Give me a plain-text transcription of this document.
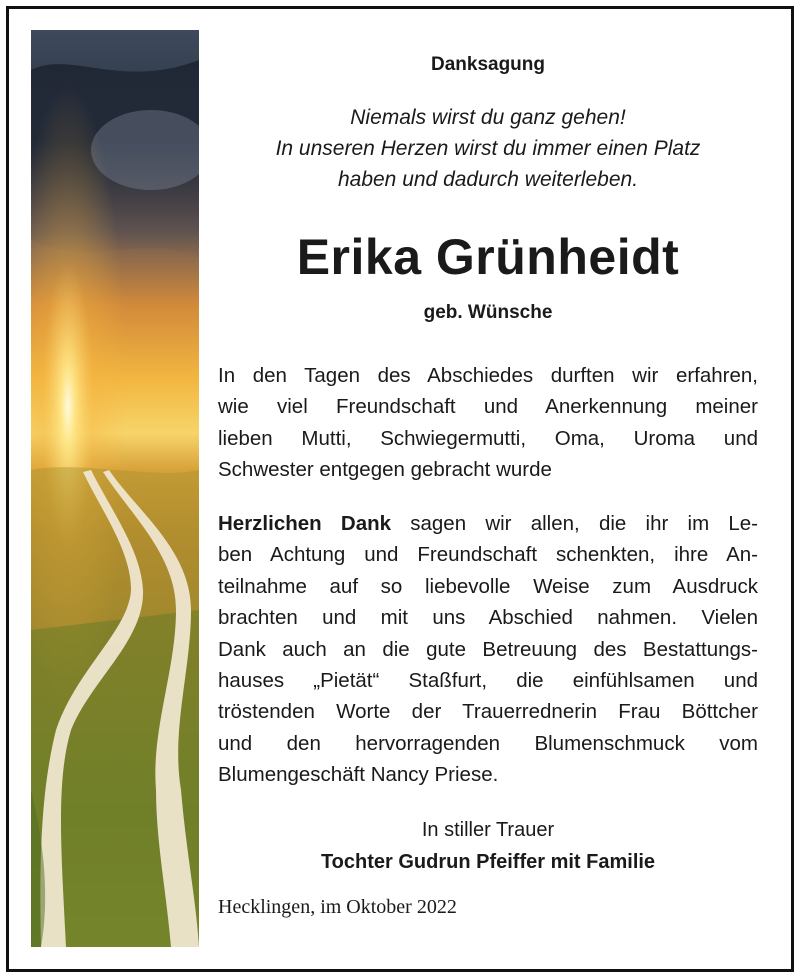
Danksagung
Niemals wirst du ganz gehen!
In unseren Herzen wirst du immer einen Platz
haben und dadurch weiterleben.
Erika Grünheidt
geb. Wünsche
In den Tagen des Abschiedes durften wir erfahren,
wie viel Freundschaft und Anerkennung meiner
lieben Mutti, Schwiegermutti, Oma, Uroma und
Schwester entgegen gebracht wurde
Herzlichen Dank sagen wir allen, die ihr im Le-
ben Achtung und Freundschaft schenkten, ihre An-
teilnahme auf so liebevolle Weise zum Ausdruck
brachten und mit uns Abschied nahmen. Vielen
Dank auch an die gute Betreuung des Bestattungs-
hauses „Pietät“ Staßfurt, die einfühlsamen und
tröstenden Worte der Trauerrednerin Frau Böttcher
und den hervorragenden Blumenschmuck vom
Blumengeschäft Nancy Priese.
In stiller Trauer
Tochter Gudrun Pfeiffer mit Familie
Hecklingen, im Oktober 2022
